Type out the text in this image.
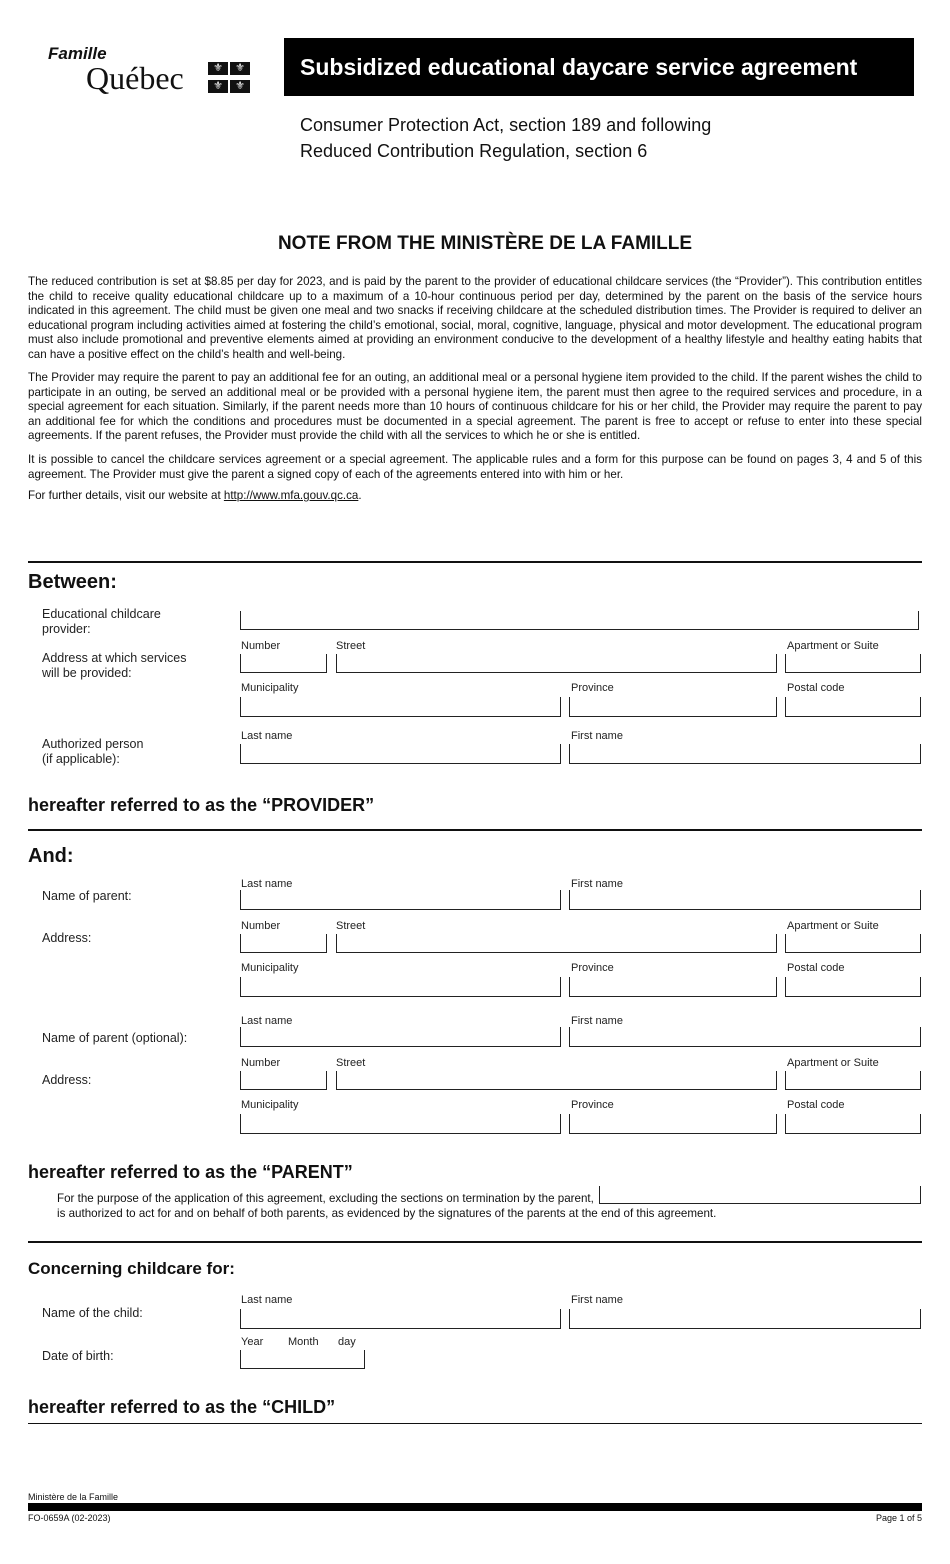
Famille
Québec	⚜ ⚜⚜ ⚜
Subsidized educational daycare service agreement
Consumer Protection Act, section 189 and following
Reduced Contribution Regulation, section 6
NOTE FROM THE MINISTÈRE DE LA FAMILLE
The reduced contribution is set at $8.85 per day for 2023, and is paid by the parent to the provider of educational childcare services (the “Provider”). This contribution entitles the child to receive quality educational childcare up to a maximum of a 10-hour continuous period per day, determined by the parent on the basis of the service hours indicated in this agreement. The child must be given one meal and two snacks if receiving childcare at the scheduled distribution times. The Provider is required to deliver an educational program including activities aimed at fostering the child’s emotional, social, moral, cognitive, language, physical and motor development. The educational program must also include promotional and preventive elements aimed at providing an environment conducive to the development of a healthy lifestyle and healthy eating habits that can have a positive effect on the child’s health and well-being.
The Provider may require the parent to pay an additional fee for an outing, an additional meal or a personal hygiene item provided to the child. If the parent wishes the child to participate in an outing, be served an additional meal or be provided with a personal hygiene item, the parent must then agree to the required services and procedure, in a special agreement for each situation. Similarly, if the parent needs more than 10 hours of continuous childcare for his or her child, the Provider may require the parent to pay an additional fee for which the conditions and procedures must be documented in a special agreement. The parent is free to accept or refuse to enter into these special agreements. If the parent refuses, the Provider must provide the child with all the services to which he or she is entitled.
It is possible to cancel the childcare services agreement or a special agreement. The applicable rules and a form for this purpose can be found on pages 3, 4 and 5 of this agreement. The Provider must give the parent a signed copy of each of the agreements entered into with him or her.
For further details, visit our website at http://www.mfa.gouv.qc.ca.
Between:
Educational childcare provider:
Address at which services will be provided:
Number	Street	Apartment or Suite
Municipality	Province	Postal code
Authorized person (if applicable):
Last name	First name
hereafter referred to as the “PROVIDER”
And:
Name of parent:
Last name	First name
Address:
Number	Street	Apartment or Suite
Municipality	Province	Postal code
Name of parent (optional):
Last name	First name
Address:
Number	Street	Apartment or Suite
Municipality	Province	Postal code
hereafter referred to as the “PARENT”
For the purpose of the application of this agreement, excluding the sections on termination by the parent,
is authorized to act for and on behalf of both parents, as evidenced by the signatures of the parents at the end of this agreement.
Concerning childcare for:
Name of the child:
Last name	First name
Date of birth:
Year Month day
hereafter referred to as the “CHILD”
Ministère de la Famille
FO-0659A (02-2023)	Page 1 of 5
